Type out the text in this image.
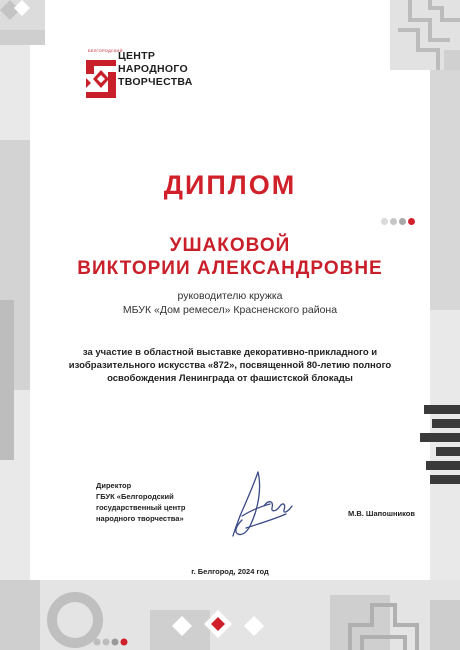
БЕЛГОРОДСКИЙ
ЦЕНТР
НАРОДНОГО
ТВОРЧЕСТВА
ДИПЛОМ
УШАКОВОЙ
ВИКТОРИИ АЛЕКСАНДРОВНЕ
руководителю кружка
МБУК «Дом ремесел» Красненского района
за участие в областной выставке декоративно-прикладного и
изобразительного искусства «872», посвященной 80-летию полного
освобождения Ленинграда от фашистской блокады
Директор
ГБУК «Белгородский
государственный центр
народного творчества»
М.В. Шапошников
г. Белгород, 2024 год
